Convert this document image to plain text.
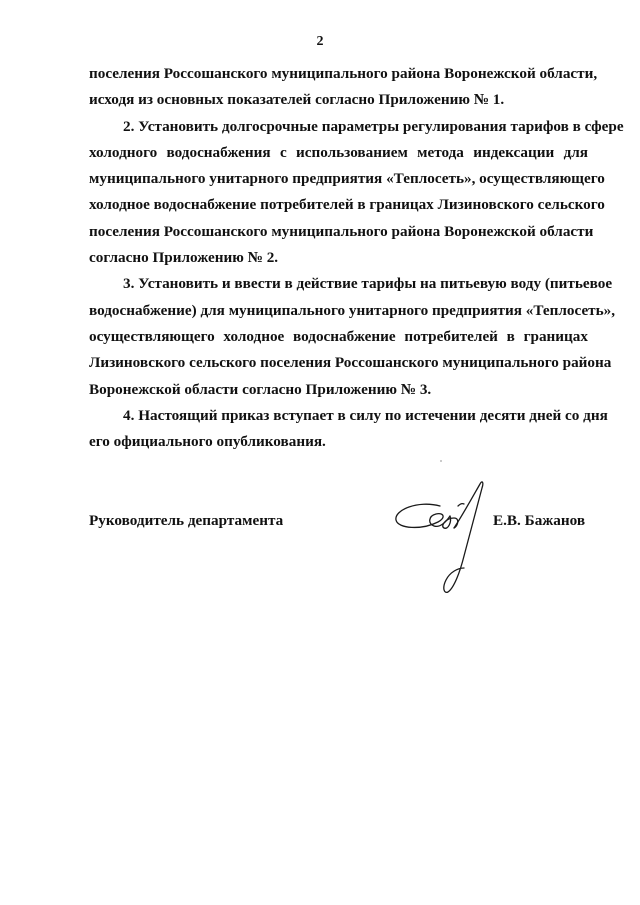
2

поселения Россошанского муниципального района Воронежской области,
исходя из основных показателей согласно Приложению № 1.

2. Установить долгосрочные параметры регулирования тарифов в сфере
холодного водоснабжения с использованием метода индексации для
муниципального унитарного предприятия «Теплосеть», осуществляющего
холодное водоснабжение потребителей в границах Лизиновского сельского
поселения Россошанского муниципального района Воронежской области
согласно Приложению № 2.

3. Установить и ввести в действие тарифы на питьевую воду (питьевое
водоснабжение) для муниципального унитарного предприятия «Теплосеть»,
осуществляющего холодное водоснабжение потребителей в границах
Лизиновского сельского поселения Россошанского муниципального района
Воронежской области согласно Приложению № 3.

4. Настоящий приказ вступает в силу по истечении десяти дней со дня
его официального опубликования.

Руководитель департамента	Е.В. Бажанов
